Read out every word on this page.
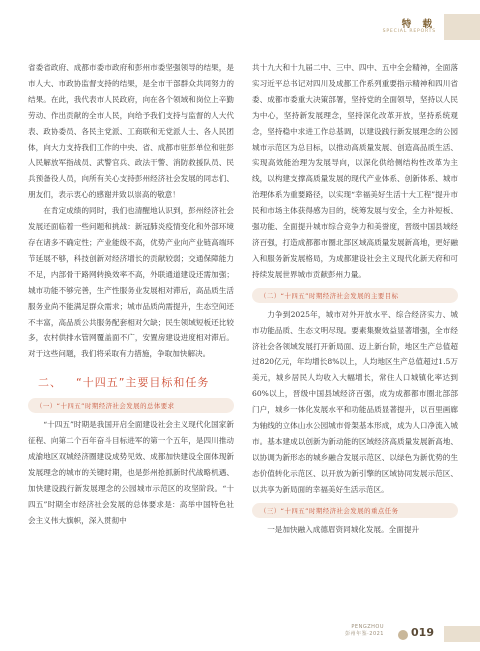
特 载
SPECIAL REPORTS

省委省政府、成都市委市政府和彭州市委坚强领导的结果，是市人大、市政协监督支持的结果，是全市干部群众共同努力的结果。在此，我代表市人民政府，向在各个领域和岗位上辛勤劳动、作出贡献的全市人民，向给予我们支持与监督的人大代表、政协委员、各民主党派、工商联和无党派人士、各人民团体，向大力支持我们工作的中央、省、成都市驻彭单位和驻彭人民解放军指战员、武警官兵、政法干警、消防救援队员、民兵预备役人员，向所有关心支持彭州经济社会发展的同志们、朋友们，表示衷心的感谢并致以崇高的敬意！

在肯定成绩的同时，我们也清醒地认识到，彭州经济社会发展还面临着一些问题和挑战：新冠肺炎疫情变化和外部环境存在诸多不确定性；产业能级不高，优势产业向产业链高端环节延展不够，科技创新对经济增长的贡献较弱；交通保障能力不足，内部骨干路网转换效率不高，外联通道建设还需加强；城市功能不够完善，生产性服务业发展相对滞后，高品质生活服务业尚不能满足群众需求；城市品质尚需提升，生态空间还不丰富，高品质公共服务配套相对欠缺；民生领域短板还比较多，农村供排水管网覆盖面不广，安置房建设进度相对滞后。对于这些问题，我们将采取有力措施，争取加快解决。

二、 “十四五”主要目标和任务
（一）“十四五”时期经济社会发展的总体要求

“十四五”时期是我国开启全面建设社会主义现代化国家新征程、向第二个百年奋斗目标进军的第一个五年，是四川推动成渝地区双城经济圈建设成势见效、成都加快建设全面体现新发展理念的城市的关键时期，也是彭州抢抓新时代战略机遇、加快建设践行新发展理念的公园城市示范区的攻坚阶段。“十四五”时期全市经济社会发展的总体要求是：高举中国特色社会主义伟大旗帜，深入贯彻中

共十九大和十九届二中、三中、四中、五中全会精神，全面落实习近平总书记对四川及成都工作系列重要指示精神和四川省委、成都市委重大决策部署，坚持党的全面领导，坚持以人民为中心，坚持新发展理念，坚持深化改革开放，坚持系统观念，坚持稳中求进工作总基调，以建设践行新发展理念的公园城市示范区为总目标，以推动高质量发展、创造高品质生活、实现高效能治理为发展导向，以深化供给侧结构性改革为主线，以构建支撑高质量发展的现代产业体系、创新体系、城市治理体系为重要路径，以实现“幸福美好生活十大工程”提升市民和市场主体获得感为目的，统筹发展与安全，全力补短板、强功能、全面提升城市综合竞争力和美誉度，晋级中国县域经济百强，打造成都都市圈北部区域高质量发展新高地，更好融入和服务新发展格局，为成都建设社会主义现代化新天府和可持续发展世界城市贡献彭州力量。

（二）“十四五”时期经济社会发展的主要目标

力争到2025年，城市对外开放水平、综合经济实力、城市功能品质、生态文明尽现。要素集聚效益显著增强，全市经济社会各领域发展打开新局面、迈上新台阶，地区生产总值超过820亿元，年均增长8%以上，人均地区生产总值超过1.5万美元，城乡居民人均收入大幅增长，常住人口城镇化率达到60%以上，晋级中国县域经济百强，成为成都都市圈北部部门户，城乡一体化发展水平和功能品质显著提升，以百里画廊为轴线的立体山水公园城市骨架基本形成，成为人口净流入城市。基本建成以创新为新动能的区域经济高质量发展新高地、以协调为新形态的城乡融合发展示范区、以绿色为新优势的生态价值转化示范区、以开放为新引擎的区域协同发展示范区、以共享为新局面的幸福美好生活示范区。

（三）“十四五”时期经济社会发展的重点任务

一是加快融入成德眉资同城化发展。全面提升

PENGZHOU
彭州年鉴·2021 019
